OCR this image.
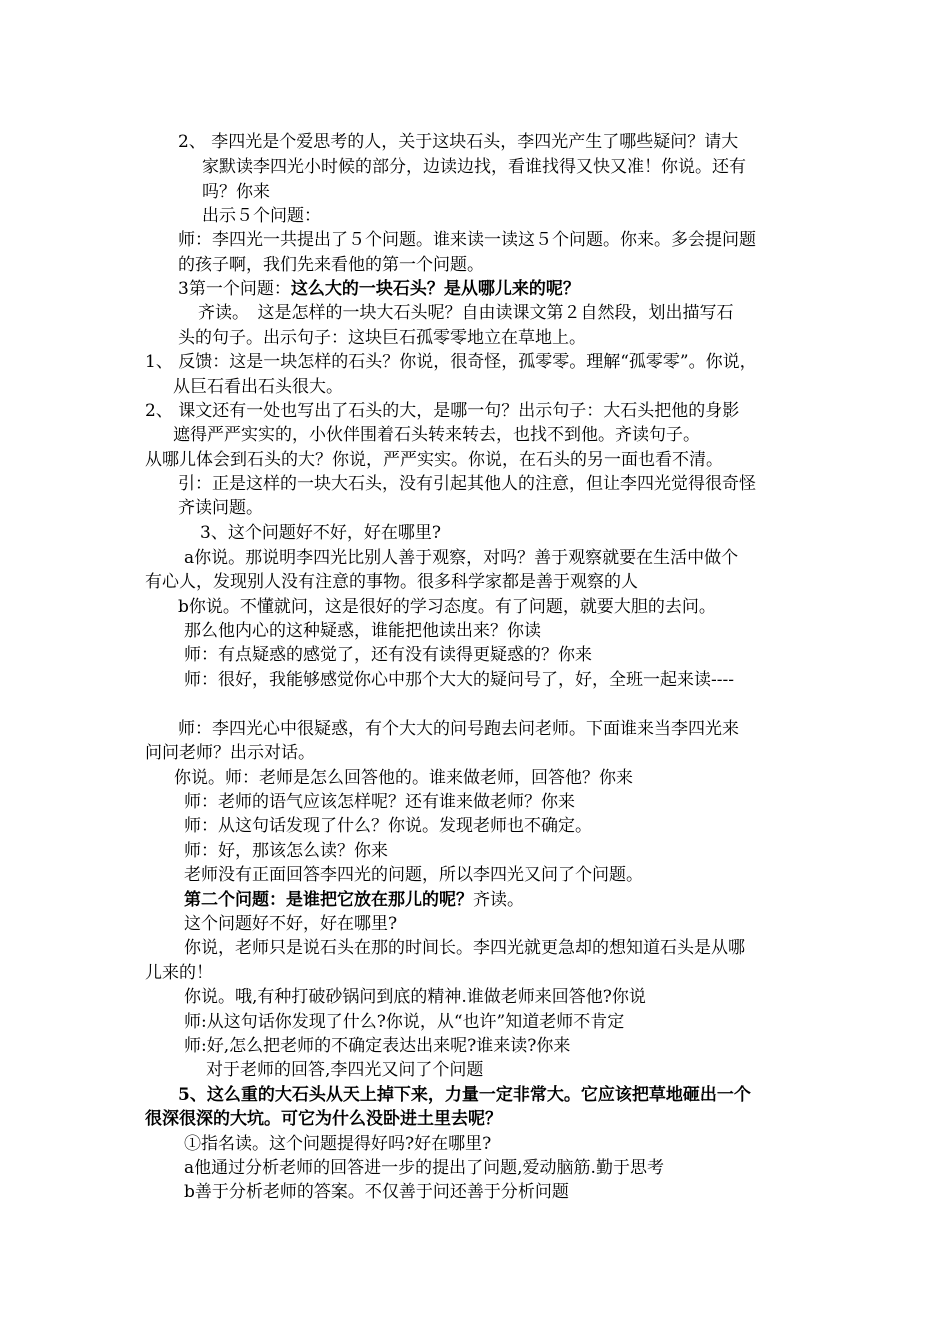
2、 李四光是个爱思考的人，关于这块石头，李四光产生了哪些疑问？请大
家默读李四光小时候的部分，边读边找，看谁找得又快又准！你说。还有
吗？你来
出示５个问题：
师：李四光一共提出了５个问题。谁来读一读这５个问题。你来。多会提问题
的孩子啊，我们先来看他的第一个问题。
3第一个问题：这么大的一块石头？是从哪儿来的呢？
齐读。　这是怎样的一块大石头呢？自由读课文第２自然段，划出描写石
头的句子。出示句子：这块巨石孤零零地立在草地上。
1、 反馈：这是一块怎样的石头？你说，很奇怪，孤零零。理解“孤零零”。你说，
从巨石看出石头很大。
2、 课文还有一处也写出了石头的大，是哪一句？出示句子：大石头把他的身影
遮得严严实实的，小伙伴围着石头转来转去，也找不到他。齐读句子。
从哪儿体会到石头的大？你说，严严实实。你说，在石头的另一面也看不清。
引：正是这样的一块大石头，没有引起其他人的注意，但让李四光觉得很奇怪
齐读问题。
3、这个问题好不好，好在哪里?
a你说。那说明李四光比别人善于观察，对吗？善于观察就要在生活中做个
有心人，发现别人没有注意的事物。很多科学家都是善于观察的人
b你说。不懂就问，这是很好的学习态度。有了问题，就要大胆的去问。
那么他内心的这种疑惑，谁能把他读出来？你读
师：有点疑惑的感觉了，还有没有读得更疑惑的？你来
师：很好，我能够感觉你心中那个大大的疑问号了，好，全班一起来读----
师：李四光心中很疑惑，有个大大的问号跑去问老师。下面谁来当李四光来
问问老师？出示对话。
你说。师：老师是怎么回答他的。谁来做老师，回答他？你来
师：老师的语气应该怎样呢？还有谁来做老师？你来
师：从这句话发现了什么？你说。发现老师也不确定。
师：好，那该怎么读？你来
老师没有正面回答李四光的问题，所以李四光又问了个问题。
第二个问题：是谁把它放在那儿的呢？齐读。
这个问题好不好，好在哪里?
你说，老师只是说石头在那的时间长。李四光就更急却的想知道石头是从哪
儿来的！
你说。哦,有种打破砂锅问到底的精神.谁做老师来回答他?你说
师:从这句话你发现了什么?你说，从“也许”知道老师不肯定
师:好,怎么把老师的不确定表达出来呢?谁来读?你来
对于老师的回答,李四光又问了个问题
5、这么重的大石头从天上掉下来，力量一定非常大。它应该把草地砸出一个
很深很深的大坑。可它为什么没卧进土里去呢？
①指名读。这个问题提得好吗?好在哪里?
a他通过分析老师的回答进一步的提出了问题,爱动脑筋.勤于思考
b善于分析老师的答案。不仅善于问还善于分析问题
